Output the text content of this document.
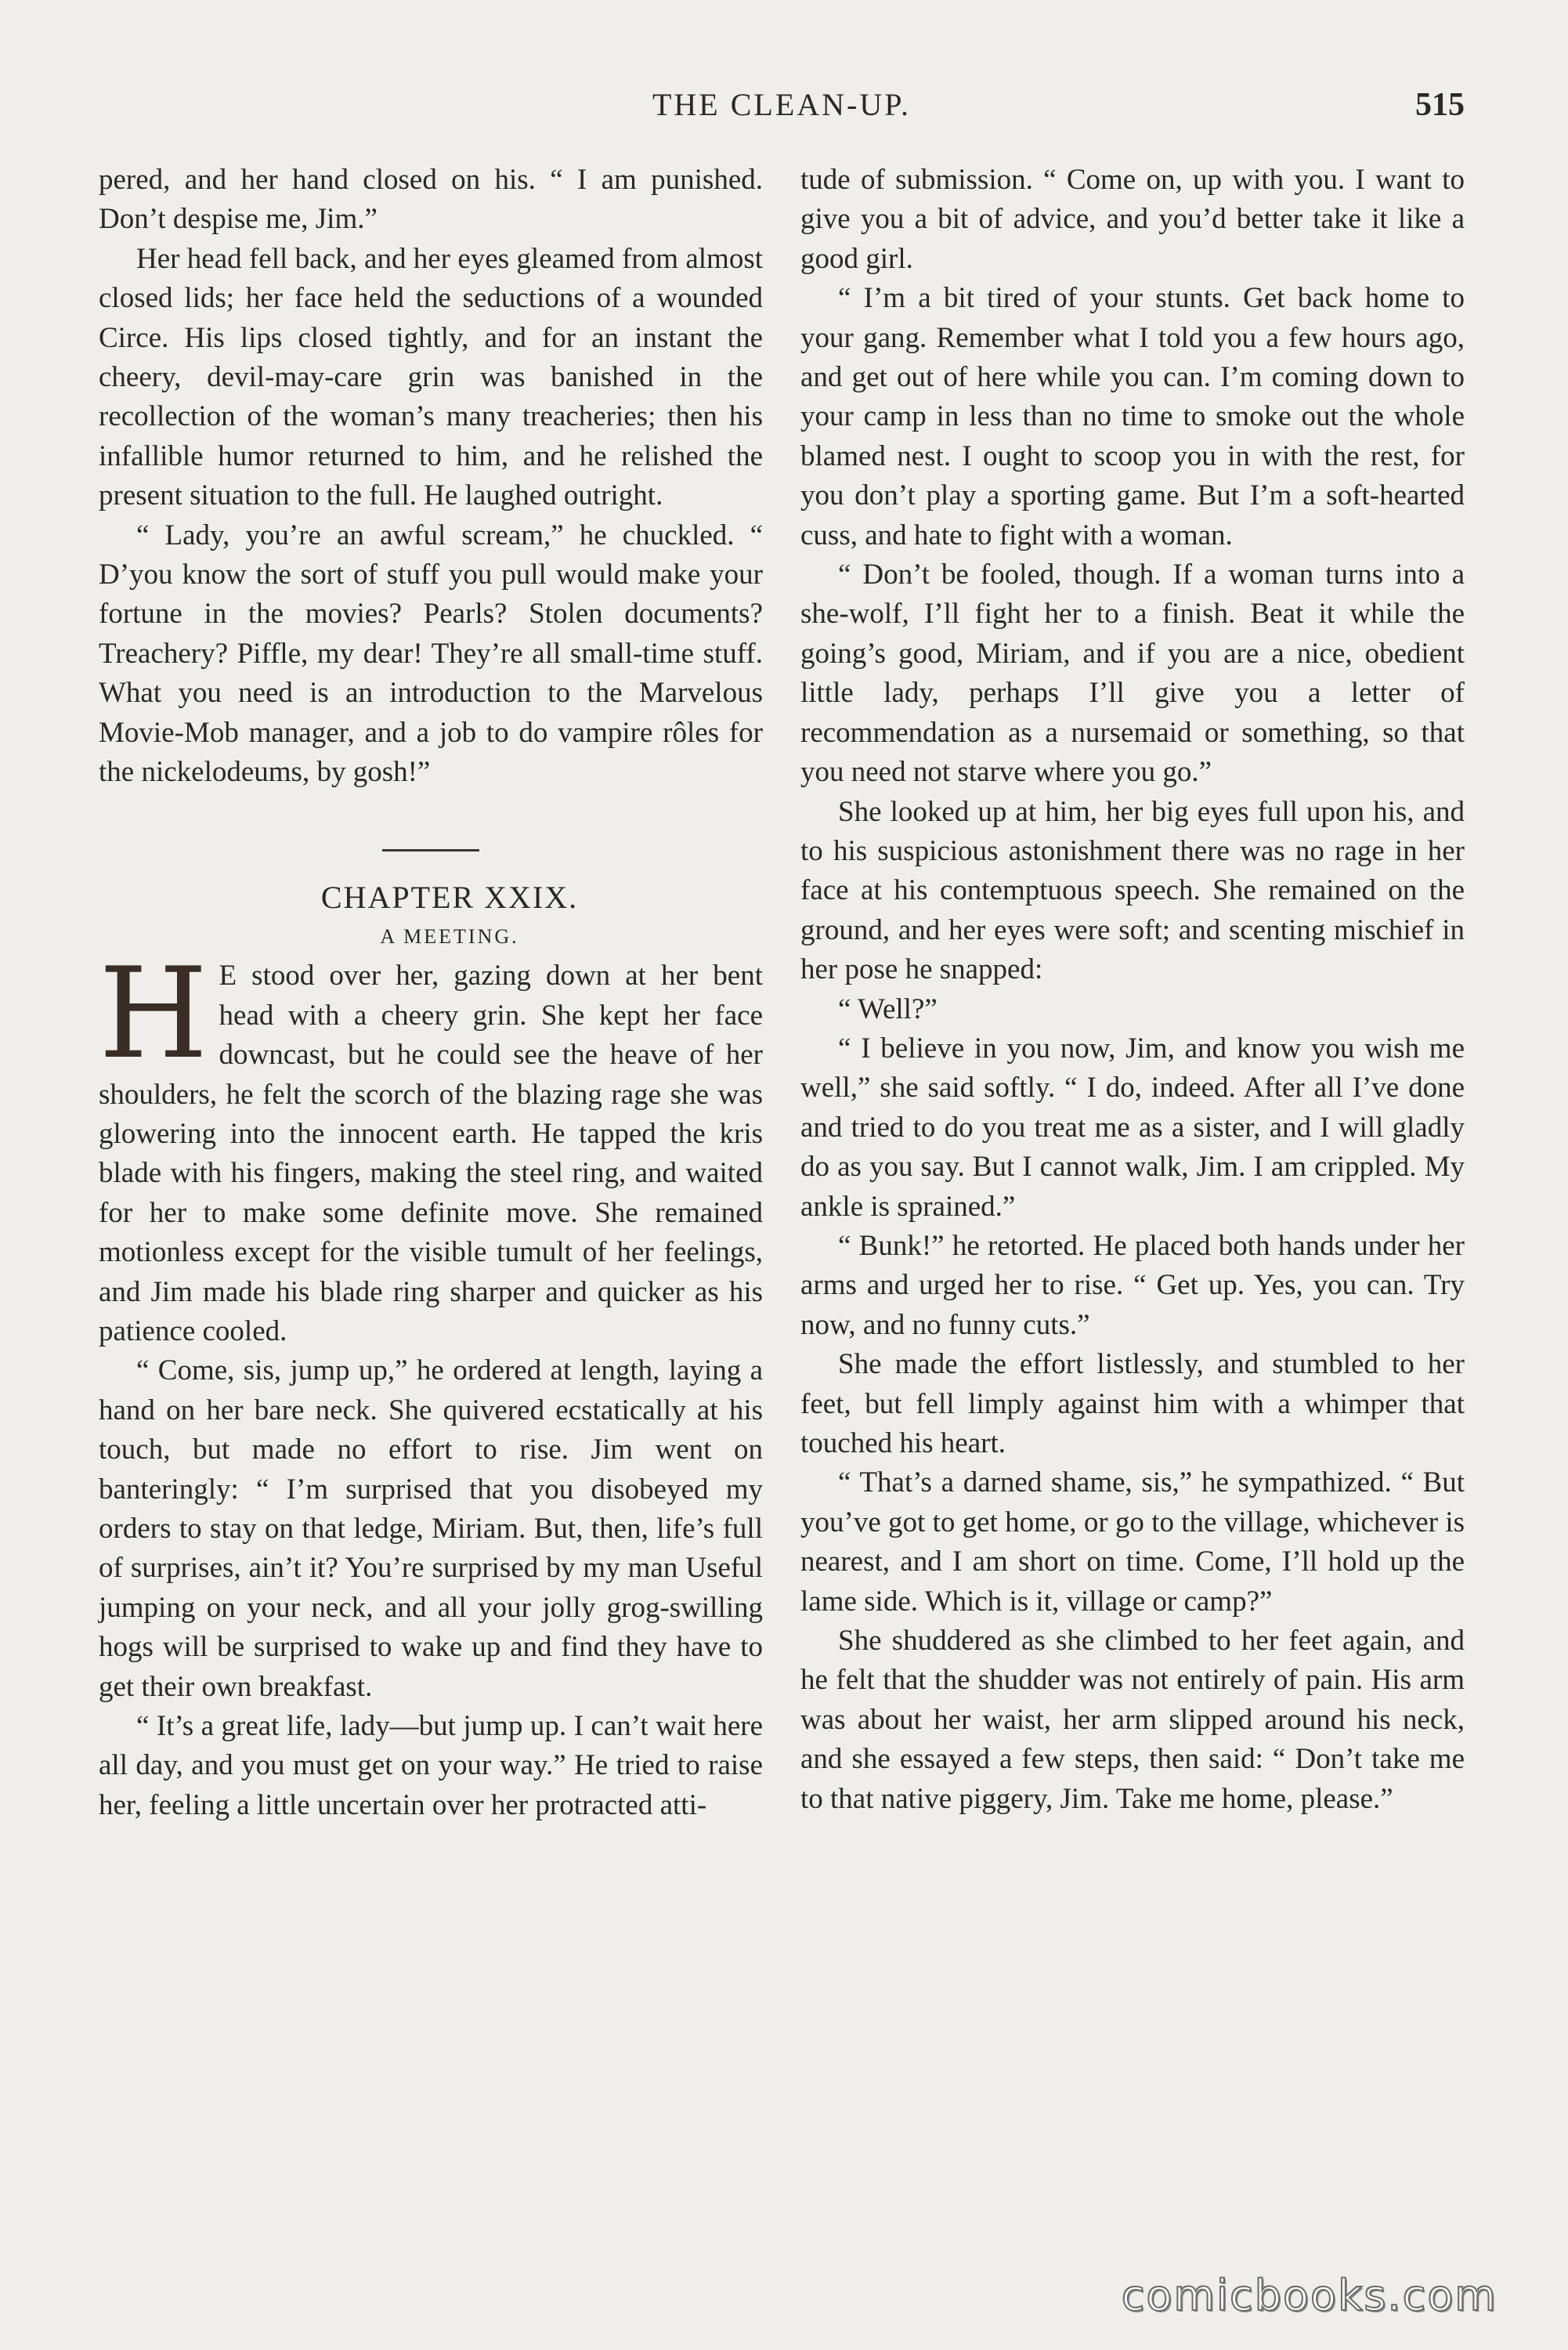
THE CLEAN-UP.	515

pered, and her hand closed on his. “ I am punished. Don’t despise me, Jim.”

Her head fell back, and her eyes gleamed from almost closed lids; her face held the seductions of a wounded Circe. His lips closed tightly, and for an instant the cheery, devil-may-care grin was banished in the recollection of the woman’s many treacheries; then his infallible humor returned to him, and he relished the present situation to the full. He laughed outright.

“ Lady, you’re an awful scream,” he chuckled. “ D’you know the sort of stuff you pull would make your fortune in the movies? Pearls? Stolen documents? Treachery? Piffle, my dear! They’re all small-time stuff. What you need is an introduction to the Marvelous Movie-Mob manager, and a job to do vampire rôles for the nickelodeums, by gosh!”

CHAPTER XXIX.

A MEETING.

H E stood over her, gazing down at her bent head with a cheery grin. She kept her face downcast, but he could see the heave of her shoulders, he felt the scorch of the blazing rage she was glowering into the innocent earth. He tapped the kris blade with his fingers, making the steel ring, and waited for her to make some definite move. She remained motionless except for the visible tumult of her feelings, and Jim made his blade ring sharper and quicker as his patience cooled.

“ Come, sis, jump up,” he ordered at length, laying a hand on her bare neck. She quivered ecstatically at his touch, but made no effort to rise. Jim went on banteringly: “ I’m surprised that you disobeyed my orders to stay on that ledge, Miriam. But, then, life’s full of surprises, ain’t it? You’re surprised by my man Useful jumping on your neck, and all your jolly grog-swilling hogs will be surprised to wake up and find they have to get their own breakfast.

“ It’s a great life, lady—but jump up. I can’t wait here all day, and you must get on your way.” He tried to raise her, feeling a little uncertain over her protracted atti-

tude of submission. “ Come on, up with you. I want to give you a bit of advice, and you’d better take it like a good girl.

“ I’m a bit tired of your stunts. Get back home to your gang. Remember what I told you a few hours ago, and get out of here while you can. I’m coming down to your camp in less than no time to smoke out the whole blamed nest. I ought to scoop you in with the rest, for you don’t play a sporting game. But I’m a soft-hearted cuss, and hate to fight with a woman.

“ Don’t be fooled, though. If a woman turns into a she-wolf, I’ll fight her to a finish. Beat it while the going’s good, Miriam, and if you are a nice, obedient little lady, perhaps I’ll give you a letter of recommendation as a nursemaid or something, so that you need not starve where you go.”

She looked up at him, her big eyes full upon his, and to his suspicious astonishment there was no rage in her face at his contemptuous speech. She remained on the ground, and her eyes were soft; and scenting mischief in her pose he snapped:

“ Well?”

“ I believe in you now, Jim, and know you wish me well,” she said softly. “ I do, indeed. After all I’ve done and tried to do you treat me as a sister, and I will gladly do as you say. But I cannot walk, Jim. I am crippled. My ankle is sprained.”

“ Bunk!” he retorted. He placed both hands under her arms and urged her to rise. “ Get up. Yes, you can. Try now, and no funny cuts.”

She made the effort listlessly, and stumbled to her feet, but fell limply against him with a whimper that touched his heart.

“ That’s a darned shame, sis,” he sympathized. “ But you’ve got to get home, or go to the village, whichever is nearest, and I am short on time. Come, I’ll hold up the lame side. Which is it, village or camp?”

She shuddered as she climbed to her feet again, and he felt that the shudder was not entirely of pain. His arm was about her waist, her arm slipped around his neck, and she essayed a few steps, then said: “ Don’t take me to that native piggery, Jim. Take me home, please.”

comicbooks.com
